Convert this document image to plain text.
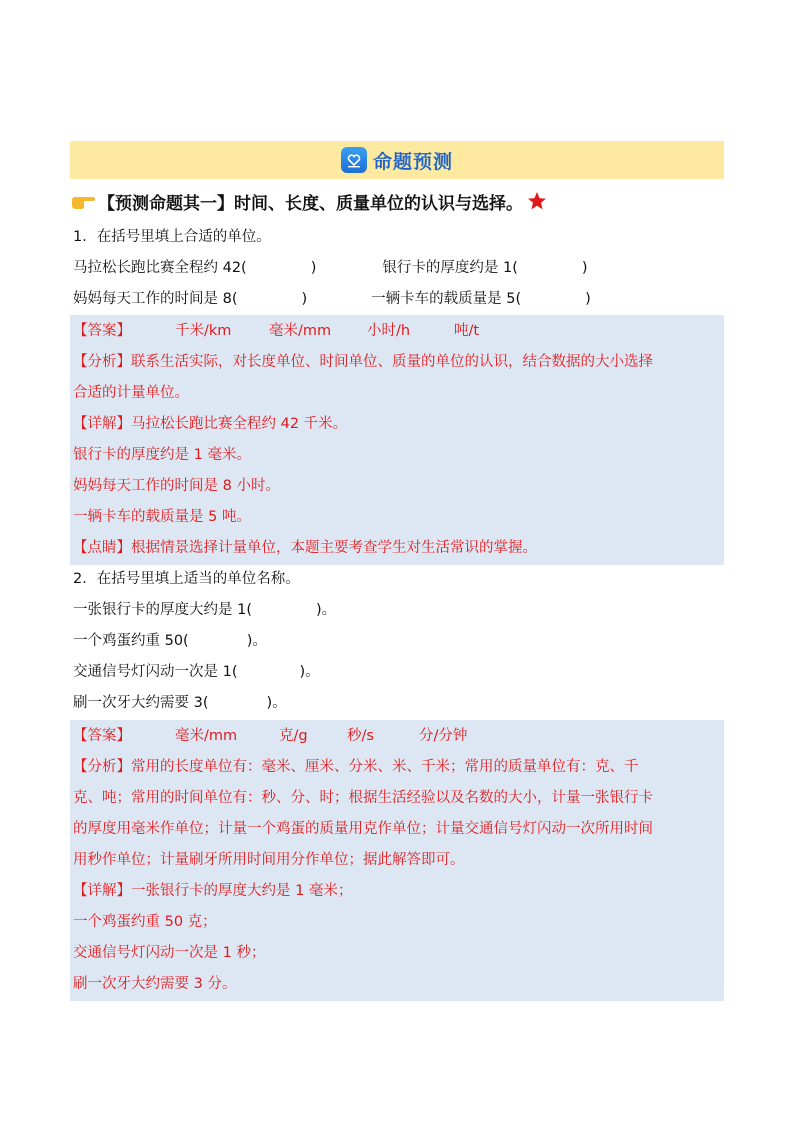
命题预测
【预测命题其一】时间、长度、质量单位的认识与选择。
1．在括号里填上合适的单位。
马拉松长跑比赛全程约 42(	)	银行卡的厚度约是 1(	)
妈妈每天工作的时间是 8(	)	一辆卡车的载质量是 5(	)
【答案】	千米/km	毫米/mm 小时/h	吨/t
【分析】联系生活实际，对长度单位、时间单位、质量的单位的认识，结合数据的大小选择
合适的计量单位。
【详解】马拉松长跑比赛全程约 42 千米。
银行卡的厚度约是 1 毫米。
妈妈每天工作的时间是 8 小时。
一辆卡车的载质量是 5 吨。
【点睛】根据情景选择计量单位，本题主要考查学生对生活常识的掌握。
2．在括号里填上适当的单位名称。
一张银行卡的厚度大约是 1(	)。
一个鸡蛋约重 50(	)。
交通信号灯闪动一次是 1(	)。
刷一次牙大约需要 3(	)。
【答案】	毫米/mm	克/g	秒/s	分/分钟
【分析】常用的长度单位有：毫米、厘米、分米、米、千米；常用的质量单位有：克、千
克、吨；常用的时间单位有：秒、分、时；根据生活经验以及名数的大小，计量一张银行卡
的厚度用毫米作单位；计量一个鸡蛋的质量用克作单位；计量交通信号灯闪动一次所用时间
用秒作单位；计量刷牙所用时间用分作单位；据此解答即可。
【详解】一张银行卡的厚度大约是 1 毫米；
一个鸡蛋约重 50 克；
交通信号灯闪动一次是 1 秒；
刷一次牙大约需要 3 分。
